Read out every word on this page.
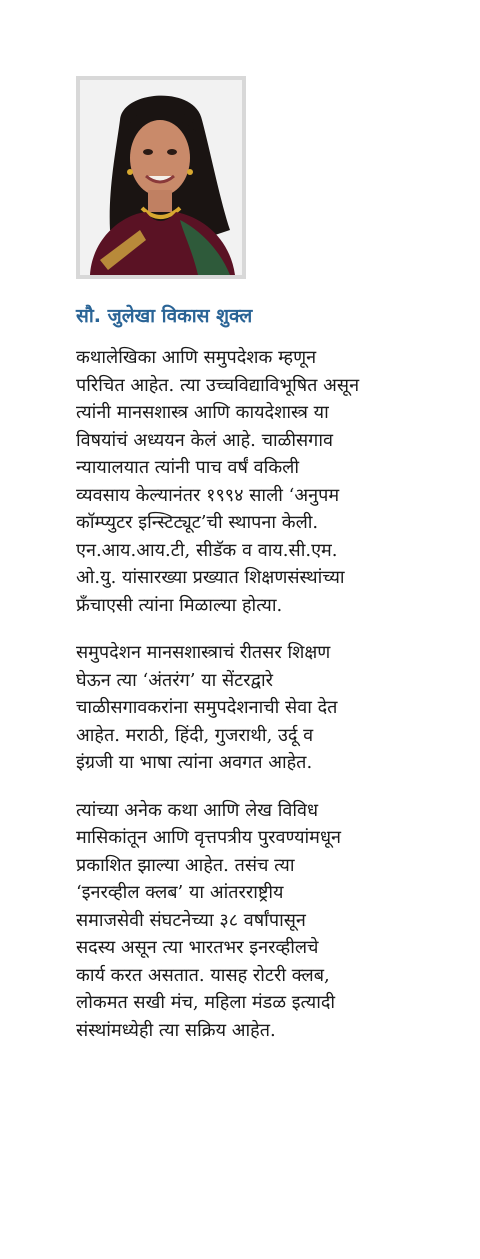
सौ. जुलेखा विकास शुक्ल

कथालेखिका आणि समुपदेशक म्हणून
परिचित आहेत. त्या उच्चविद्याविभूषित असून
त्यांनी मानसशास्त्र आणि कायदेशास्त्र या
विषयांचं अध्ययन केलं आहे. चाळीसगाव
न्यायालयात त्यांनी पाच वर्षं वकिली
व्यवसाय केल्यानंतर १९९४ साली ‘अनुपम
कॉम्प्युटर इन्स्टिट्यूट’ची स्थापना केली.
एन.आय.आय.टी, सीडॅक व वाय.सी.एम.
ओ.यु. यांसारख्या प्रख्यात शिक्षणसंस्थांच्या
फ्रँचाएसी त्यांना मिळाल्या होत्या.

समुपदेशन मानसशास्त्राचं रीतसर शिक्षण
घेऊन त्या ‘अंतरंग’ या सेंटरद्वारे
चाळीसगावकरांना समुपदेशनाची सेवा देत
आहेत. मराठी, हिंदी, गुजराथी, उर्दू व
इंग्रजी या भाषा त्यांना अवगत आहेत.

त्यांच्या अनेक कथा आणि लेख विविध
मासिकांतून आणि वृत्तपत्रीय पुरवण्यांमधून
प्रकाशित झाल्या आहेत. तसंच त्या
‘इनरव्हील क्लब’ या आंतरराष्ट्रीय
समाजसेवी संघटनेच्या ३८ वर्षांपासून
सदस्य असून त्या भारतभर इनरव्हीलचे
कार्य करत असतात. यासह रोटरी क्लब,
लोकमत सखी मंच, महिला मंडळ इत्यादी
संस्थांमध्येही त्या सक्रिय आहेत.
